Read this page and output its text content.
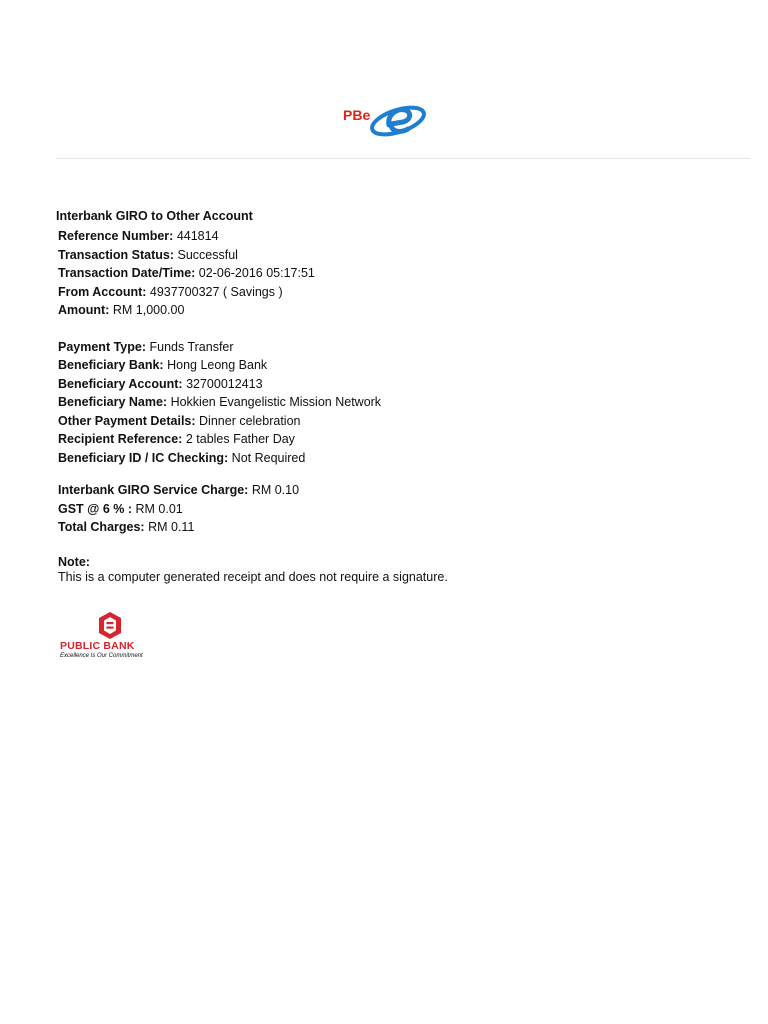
PBe
Interbank GIRO to Other Account
Reference Number: 441814
Transaction Status: Successful
Transaction Date/Time: 02-06-2016 05:17:51
From Account: 4937700327 ( Savings )
Amount: RM 1,000.00
Payment Type: Funds Transfer
Beneficiary Bank: Hong Leong Bank
Beneficiary Account: 32700012413
Beneficiary Name: Hokkien Evangelistic Mission Network
Other Payment Details: Dinner celebration
Recipient Reference: 2 tables Father Day
Beneficiary ID / IC Checking: Not Required
Interbank GIRO Service Charge: RM 0.10
GST @ 6 % : RM 0.01
Total Charges: RM 0.11
Note:
This is a computer generated receipt and does not require a signature.
PUBLIC BANK
Excellence Is Our Commitment
